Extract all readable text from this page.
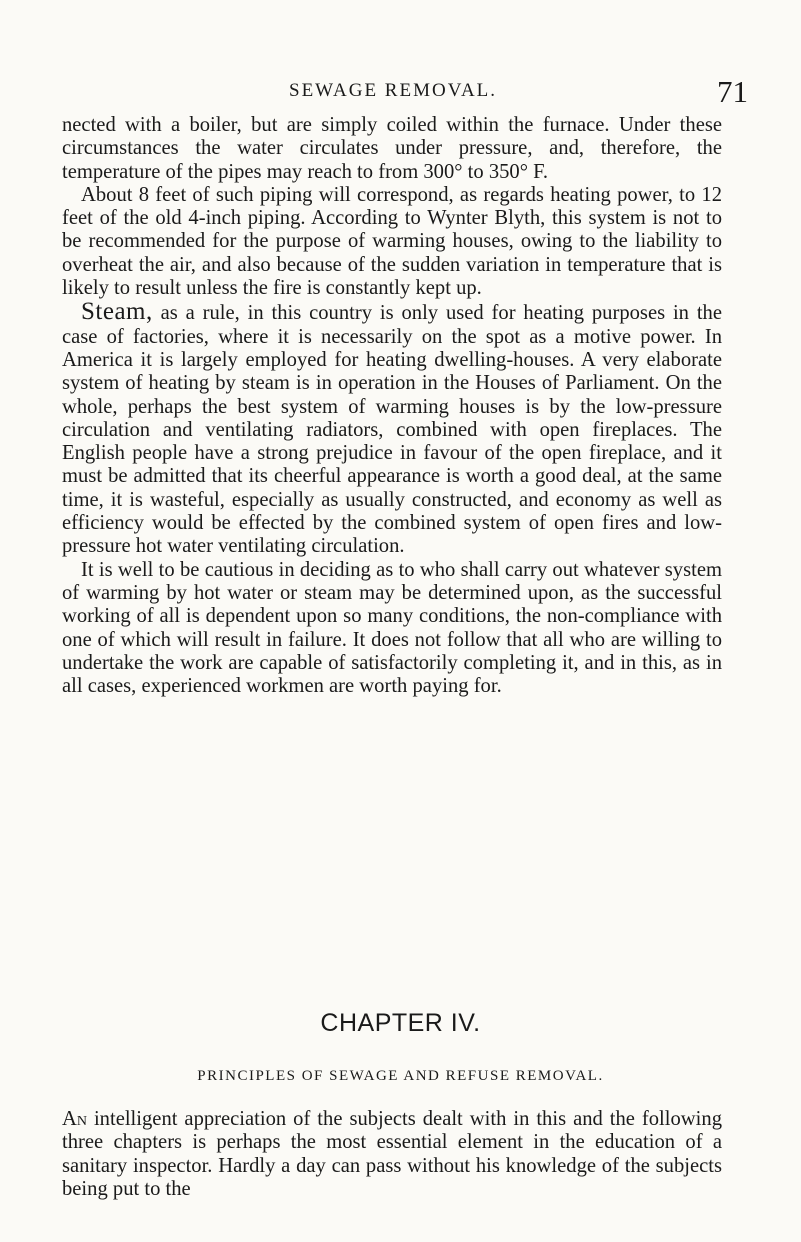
SEWAGE REMOVAL.	71

nected with a boiler, but are simply coiled within the furnace. Under these circumstances the water circulates under pressure, and, therefore, the temperature of the pipes may reach to from 300° to 350° F.

About 8 feet of such piping will correspond, as regards heating power, to 12 feet of the old 4-inch piping. According to Wynter Blyth, this system is not to be recommended for the purpose of warming houses, owing to the liability to overheat the air, and also because of the sudden variation in temperature that is likely to result unless the fire is constantly kept up.

Steam, as a rule, in this country is only used for heating purposes in the case of factories, where it is necessarily on the spot as a motive power. In America it is largely employed for heating dwelling-houses. A very elaborate system of heating by steam is in operation in the Houses of Parliament. On the whole, perhaps the best system of warming houses is by the low-pressure circulation and ventilating radiators, combined with open fireplaces. The English people have a strong prejudice in favour of the open fireplace, and it must be admitted that its cheerful appearance is worth a good deal, at the same time, it is wasteful, especially as usually constructed, and economy as well as efficiency would be effected by the combined system of open fires and low-pressure hot water ventilating circulation.

It is well to be cautious in deciding as to who shall carry out whatever system of warming by hot water or steam may be determined upon, as the successful working of all is dependent upon so many conditions, the non-compliance with one of which will result in failure. It does not follow that all who are willing to undertake the work are capable of satisfactorily completing it, and in this, as in all cases, experienced workmen are worth paying for.

CHAPTER IV.
PRINCIPLES OF SEWAGE AND REFUSE REMOVAL.

An intelligent appreciation of the subjects dealt with in this and the following three chapters is perhaps the most essential element in the education of a sanitary inspector. Hardly a day can pass without his knowledge of the subjects being put to the
